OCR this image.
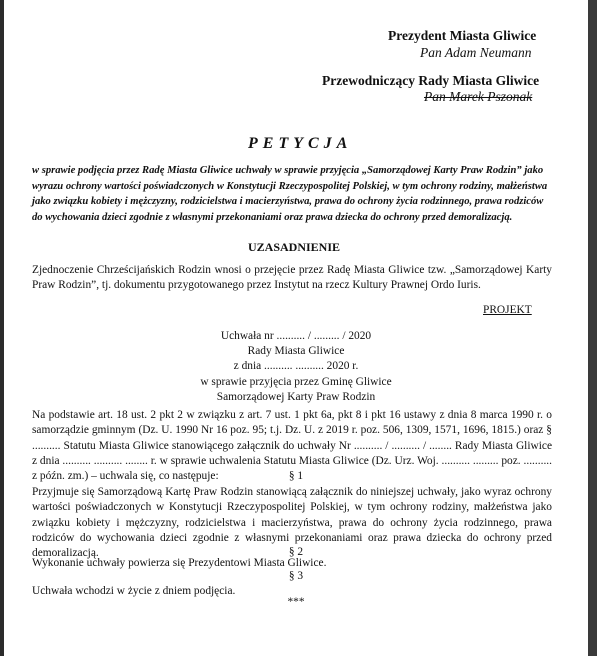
Prezydent Miasta Gliwice
Pan Adam Neumann
Przewodniczący Rady Miasta Gliwice
Pan Marek Pszonak
PETYCJA
w sprawie podjęcia przez Radę Miasta Gliwice uchwały w sprawie przyjęcia „Samorządowej Karty Praw Rodzin” jako wyrazu ochrony wartości poświadczonych w Konstytucji Rzeczypospolitej Polskiej, w tym ochrony rodziny, małżeństwa jako związku kobiety i mężczyzny, rodzicielstwa i macierzyństwa, prawa do ochrony życia rodzinnego, prawa rodziców do wychowania dzieci zgodnie z własnymi przekonaniami oraz prawa dziecka do ochrony przed demoralizacją.
UZASADNIENIE
Zjednoczenie Chrześcijańskich Rodzin wnosi o przejęcie przez Radę Miasta Gliwice tzw. „Samorządowej Karty Praw Rodzin”, tj. dokumentu przygotowanego przez Instytut na rzecz Kultury Prawnej Ordo Iuris.
PROJEKT
Uchwała nr .......... / ......... / 2020
Rady Miasta Gliwice
z dnia .......... .......... 2020 r.
w sprawie przyjęcia przez Gminę Gliwice
Samorządowej Karty Praw Rodzin
Na podstawie art. 18 ust. 2 pkt 2 w związku z art. 7 ust. 1 pkt 6a, pkt 8 i pkt 16 ustawy z dnia 8 marca 1990 r. o samorządzie gminnym (Dz. U. 1990 Nr 16 poz. 95; t.j. Dz. U. z 2019 r. poz. 506, 1309, 1571, 1696, 1815.) oraz § .......... Statutu Miasta Gliwice stanowiącego załącznik do uchwały Nr .......... / .......... / ........ Rady Miasta Gliwice z dnia .......... .......... ........ r. w sprawie uchwalenia Statutu Miasta Gliwice (Dz. Urz. Woj. .......... ......... poz. .......... z późn. zm.) – uchwala się, co następuje:	§ 1
Przyjmuje się Samorządową Kartę Praw Rodzin stanowiącą załącznik do niniejszej uchwały, jako wyraz ochrony wartości poświadczonych w Konstytucji Rzeczypospolitej Polskiej, w tym ochrony rodziny, małżeństwa jako związku kobiety i mężczyzny, rodzicielstwa i macierzyństwa, prawa do ochrony życia rodzinnego, prawa rodziców do wychowania dzieci zgodnie z własnymi przekonaniami oraz prawa dziecka do ochrony przed demoralizacją.	§ 2
Wykonanie uchwały powierza się Prezydentowi Miasta Gliwice.
§ 3
Uchwała wchodzi w życie z dniem podjęcia.
***
